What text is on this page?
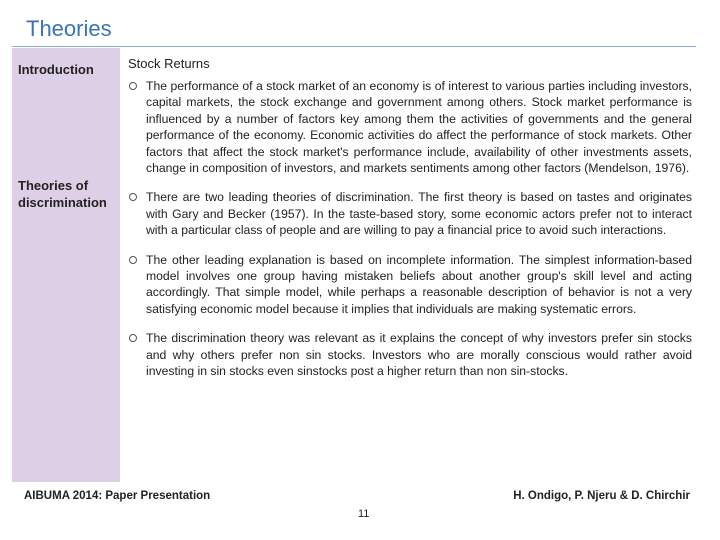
Theories
Introduction
Theories of discrimination
Stock Returns
The performance of a stock market of an economy is of interest to various parties including investors, capital markets, the stock exchange and government among others. Stock market performance is influenced by a number of factors key among them the activities of governments and the general performance of the economy. Economic activities do affect the performance of stock markets. Other factors that affect the stock market's performance include, availability of other investments assets, change in composition of investors, and markets sentiments among other factors (Mendelson, 1976).
There are two leading theories of discrimination. The first theory is based on tastes and originates with Gary and Becker (1957). In the taste-based story, some economic actors prefer not to interact with a particular class of people and are willing to pay a financial price to avoid such interactions.
The other leading explanation is based on incomplete information. The simplest information-based model involves one group having mistaken beliefs about another group's skill level and acting accordingly. That simple model, while perhaps a reasonable description of behavior is not a very satisfying economic model because it implies that individuals are making systematic errors.
The discrimination theory was relevant as it explains the concept of why investors prefer sin stocks and why others prefer non sin stocks. Investors who are morally conscious would rather avoid investing in sin stocks even sinstocks post a higher return than non sin-stocks.
AIBUMA 2014: Paper Presentation	H. Ondigo, P. Njeru & D. Chirchir
11
